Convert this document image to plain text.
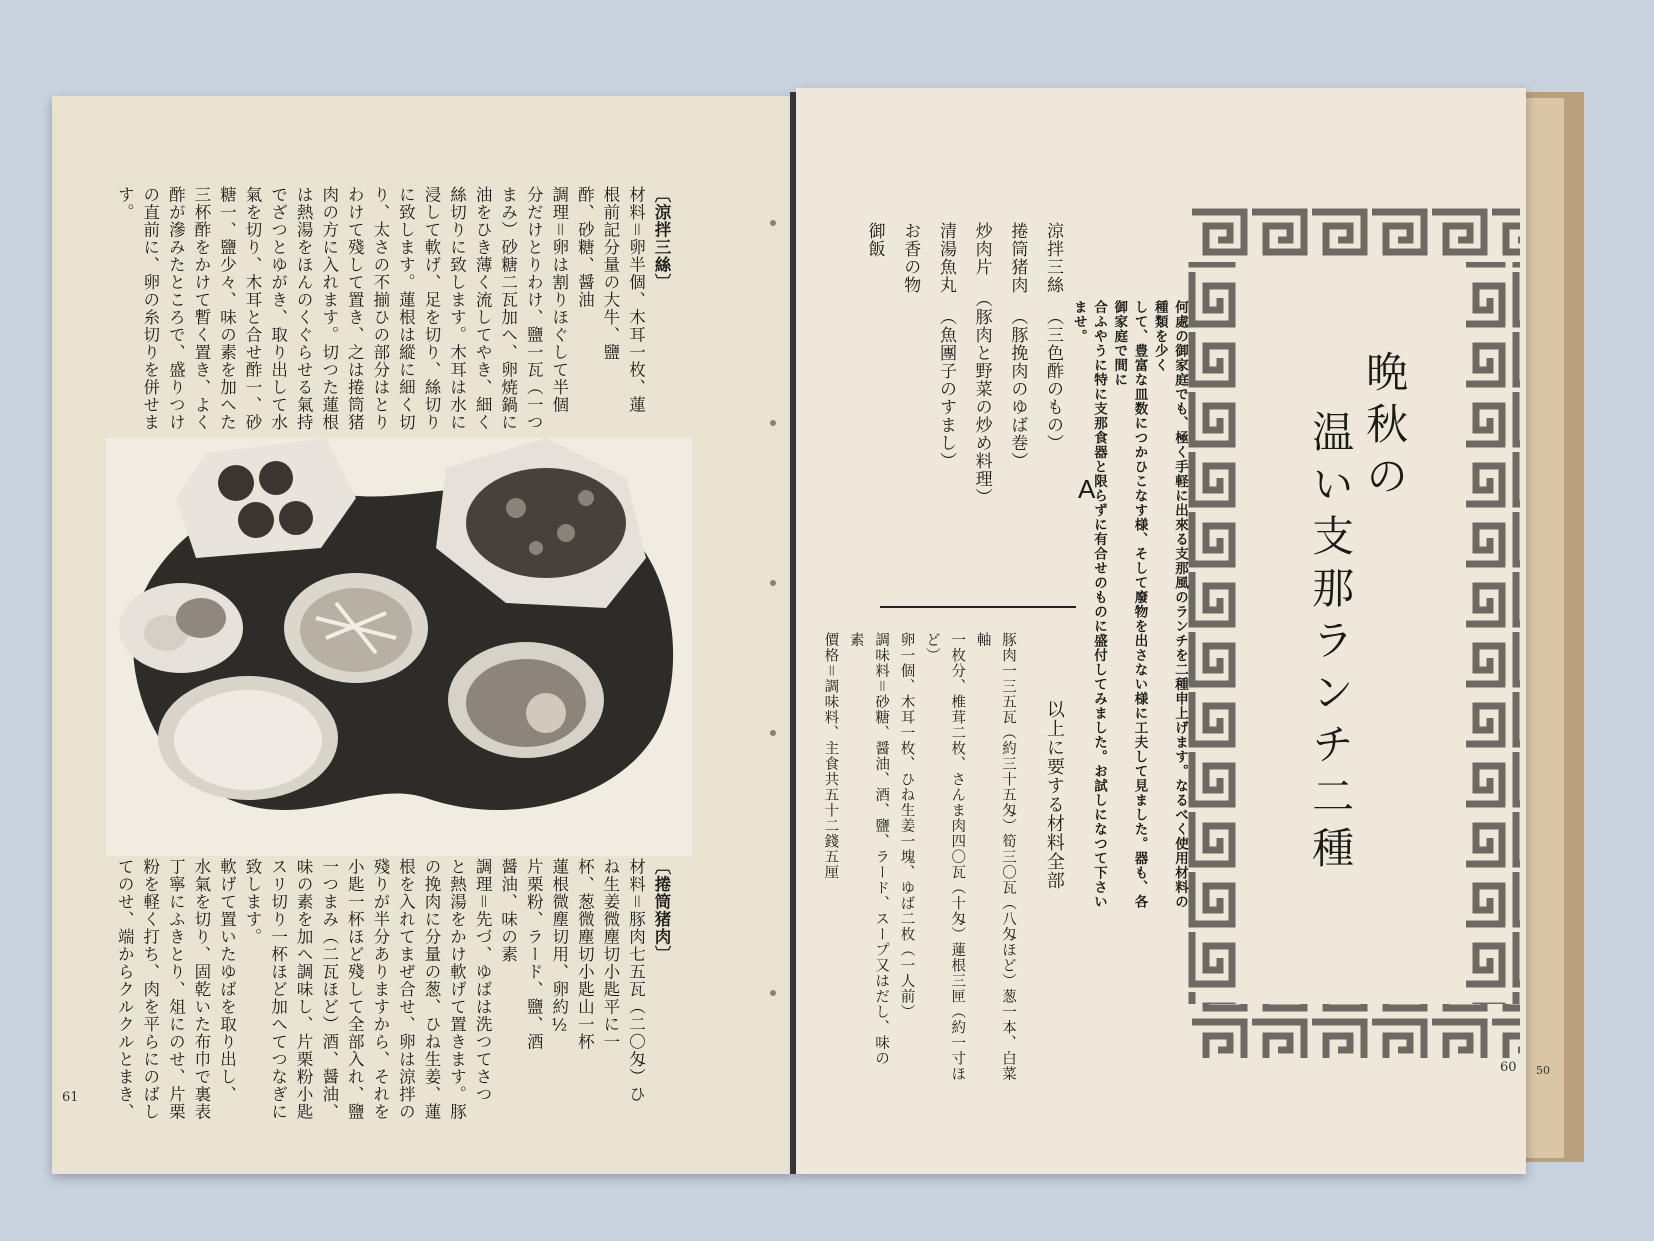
〔涼拌三絲〕
材料＝卵半個、木耳一枚、蓮
根前記分量の大牛、鹽
酢、砂糖、醤油
調理＝卵は割りほぐして半個
分だけとりわけ、鹽一瓦（一つ
まみ）砂糖二瓦加へ、卵焼鍋に
油をひき薄く流してやき、細く
絲切りに致します。木耳は水に
浸して軟げ、足を切り、絲切り
に致します。蓮根は縱に細く切
り、太さの不揃ひの部分はとり
わけて殘して置き、之は捲筒猪
肉の方に入れます。切つた蓮根
は熱湯をほんのくぐらせる氣持
でざつとゆがき、取り出して水
氣を切り、木耳と合せ酢一、砂
糖一、鹽少々、味の素を加へた
三杯酢をかけて暫く置き、よく
酢が滲みたところで、盛りつけ
の直前に、卵の糸切りを併せま
す。
〔捲筒猪肉〕
材料＝豚肉七五瓦（二〇匁）ひ
ね生姜微塵切小匙平に一
杯、葱微塵切小匙山一杯
蓮根微塵切用、卵約½
片栗粉、ラード、鹽、酒
醤油、味の素
調理＝先づ、ゆばは洗つてさつ
と熱湯をかけ軟げて置きます。豚
の挽肉に分量の葱、ひね生姜、蓮
根を入れてまぜ合せ、卵は涼拌の
殘りが半分ありますから、それを
小匙一杯ほど殘して全部入れ、鹽
一つまみ（二瓦ほど）酒、醤油、
味の素を加へ調味し、片栗粉小匙
スリ切り一杯ほど加へてつなぎに
致します。
軟げて置いたゆばを取り出し、
水氣を切り、固乾いた布巾で裏表
丁寧にふきとり、俎にのせ、片栗
粉を軽く打ち、肉を平らにのばし
てのせ、端からクルクルとまき、
61
晩秋の
温い支那ランチ二種
何處の御家庭でも、極く手軽に出來る支那風のランチを二種申上げます。なるべく使用材料の種類を少く
して、豊富な皿数につかひこなす様、そして廢物を出さない様に工夫して見ました。器も、各御家庭で間に
合ふやうに特に支那食器と限らずに有合せのものに盛付してみました。お試しになつて下さいませ。
A
涼拌三絲（三色酢のもの）
捲筒猪肉（豚挽肉のゆば巻）
炒肉片（豚肉と野菜の炒め料理）
清湯魚丸（魚團子のすまし）
お香の物
御飯
以上に要する材料全部
豚肉一三五瓦（約三十五匁）筍三〇瓦（八匁ほど）葱一本、白菜軸
一枚分、椎茸二枚、さんま肉四〇瓦（十匁）蓮根三匣（約一寸ほど）
卵一個、木耳一枚、ひね生姜一塊、ゆば二枚（一人前）
調味料＝砂糖、醤油、酒、鹽、ラード、スープ又はだし、味の
素
價格＝調味料、主食共五十二錢五厘
60 50
